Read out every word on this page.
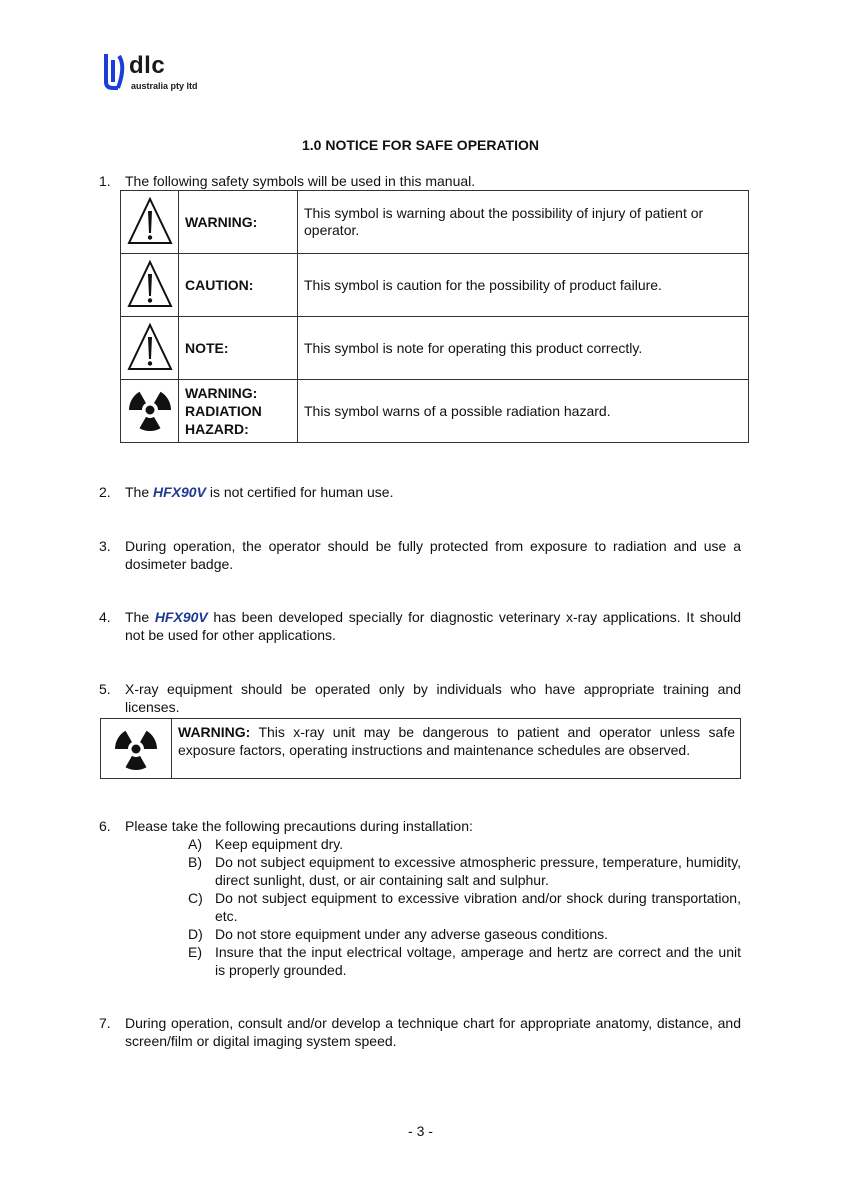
dlc
australia pty ltd
1.0 NOTICE FOR SAFE OPERATION
1. The following safety symbols will be used in this manual.
	WARNING:	This symbol is warning about the possibility of injury of patient or operator.
	CAUTION:	This symbol is caution for the possibility of product failure.
	NOTE:	This symbol is note for operating this product correctly.

WARNING:
RADIATION
HAZARD:	This symbol warns of a possible radiation hazard.
2. The HFX90V is not certified for human use.
3. During operation, the operator should be fully protected from exposure to radiation and use a dosimeter badge.
4. The HFX90V has been developed specially for diagnostic veterinary x-ray applications. It should not be used for other applications.
5. X-ray equipment should be operated only by individuals who have appropriate training and licenses.
WARNING: This x-ray unit may be dangerous to patient and operator unless safe exposure factors, operating instructions and maintenance schedules are observed.
6. Please take the following precautions during installation:
A) Keep equipment dry.
B) Do not subject equipment to excessive atmospheric pressure, temperature, humidity, direct sunlight, dust, or air containing salt and sulphur.
C) Do not subject equipment to excessive vibration and/or shock during transportation, etc.
D) Do not store equipment under any adverse gaseous conditions.
E) Insure that the input electrical voltage, amperage and hertz are correct and the unit is properly grounded.
7. During operation, consult and/or develop a technique chart for appropriate anatomy, distance, and screen/film or digital imaging system speed.
- 3 -
